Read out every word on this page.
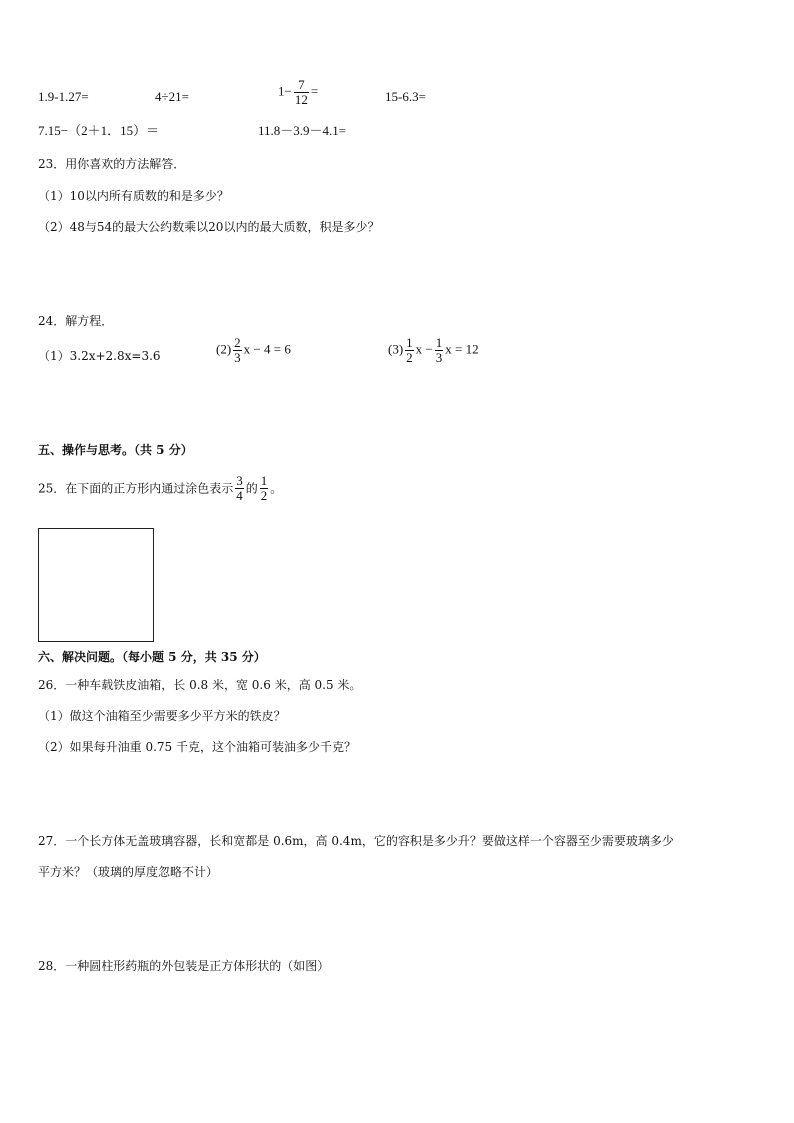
1.9-1.27=	4÷21=	$1- \frac{7}{12}$ =	15-6.3=
7.15−（2＋1．15）＝	11.8－3.9－4.1=
23．用你喜欢的方法解答．
（1）10以内所有质数的和是多少？
（2）48与54的最大公约数乘以20以内的最大质数，积是多少？
24．解方程．
（1）3.2x+2.8x=3.6	$(2) \frac{2}{3}$ x − 4 = 6	$(3) \frac{1}{2}$ $x - \frac{1}{3}$ x = 12
五、操作与思考。（共 5 分）
25．在下面的正方形内通过涂色表示 $\frac{3}{4}$ 的 $\frac{1}{2}$ 。
六、解决问题。（每小题 5 分，共 35 分）
26．一种车载铁皮油箱，长 0.8 米，宽 0.6 米，高 0.5 米。
（1）做这个油箱至少需要多少平方米的铁皮？
（2）如果每升油重 0.75 千克，这个油箱可装油多少千克？
27．一个长方体无盖玻璃容器，长和宽都是 0.6m，高 0.4m，它的容积是多少升？要做这样一个容器至少需要玻璃多少
平方米？（玻璃的厚度忽略不计）
28．一种圆柱形药瓶的外包装是正方体形状的（如图）
